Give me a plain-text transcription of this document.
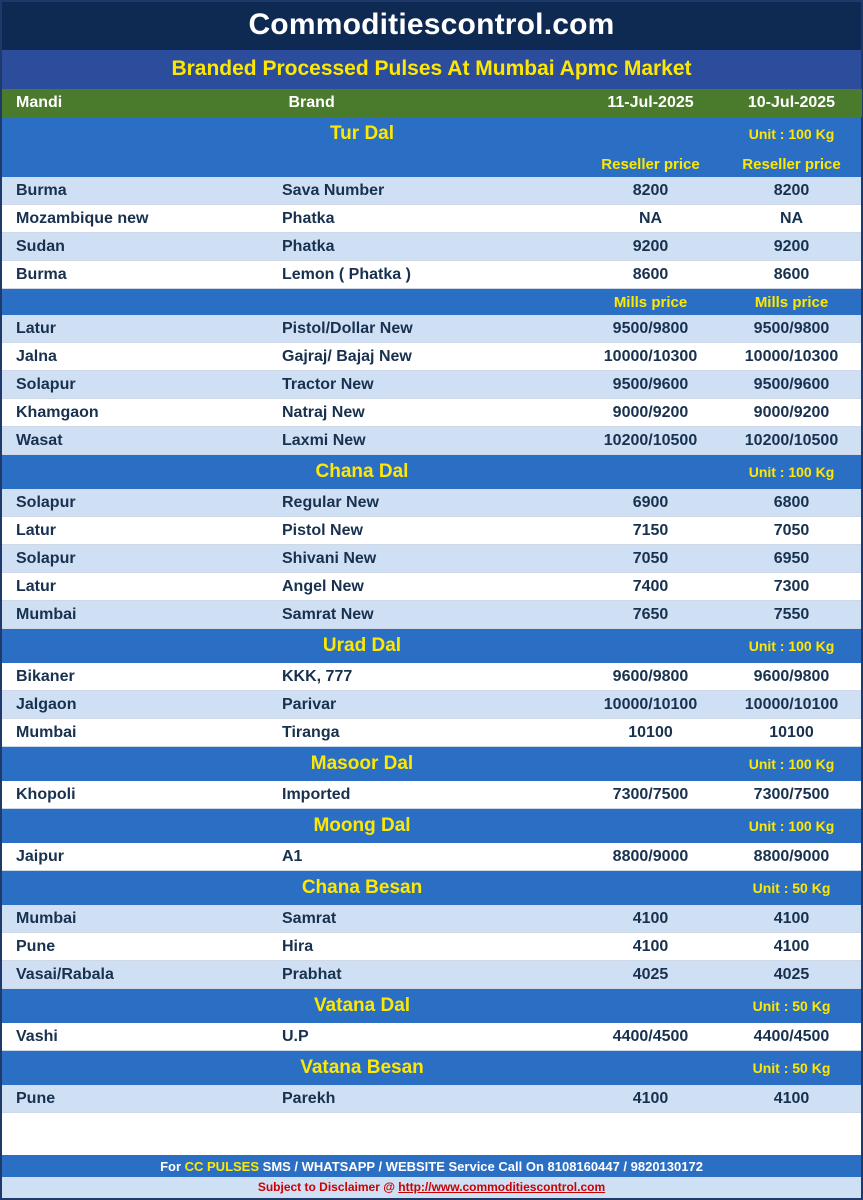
Commoditiescontrol.com
Branded Processed Pulses At Mumbai Apmc Market
Mandi	Brand	11-Jul-2025	10-Jul-2025
Tur Dal			Unit : 100 Kg
		Reseller price	Reseller price
Burma	Sava Number	8200	8200
Mozambique new	Phatka	NA	NA
Sudan	Phatka	9200	9200
Burma	Lemon ( Phatka )	8600	8600
		Mills price	Mills price
Latur	Pistol/Dollar New	9500/9800	9500/9800
Jalna	Gajraj/ Bajaj New	10000/10300	10000/10300
Solapur	Tractor New	9500/9600	9500/9600
Khamgaon	Natraj New	9000/9200	9000/9200
Wasat	Laxmi New	10200/10500	10200/10500
Chana Dal			Unit : 100 Kg
Solapur	Regular New	6900	6800
Latur	Pistol New	7150	7050
Solapur	Shivani New	7050	6950
Latur	Angel New	7400	7300
Mumbai	Samrat New	7650	7550
Urad Dal			Unit : 100 Kg
Bikaner	KKK, 777	9600/9800	9600/9800
Jalgaon	Parivar	10000/10100	10000/10100
Mumbai	Tiranga	10100	10100
Masoor Dal			Unit : 100 Kg
Khopoli	Imported	7300/7500	7300/7500
Moong Dal			Unit : 100 Kg
Jaipur	A1	8800/9000	8800/9000
Chana Besan			Unit : 50 Kg
Mumbai	Samrat	4100	4100
Pune	Hira	4100	4100
Vasai/Rabala	Prabhat	4025	4025
Vatana Dal			Unit : 50 Kg
Vashi	U.P	4400/4500	4400/4500
Vatana Besan			Unit : 50 Kg
Pune	Parekh	4100	4100
For CC PULSES SMS / WHATSAPP / WEBSITE Service Call On 8108160447 / 9820130172
Subject to Disclaimer @ http://www.commoditiescontrol.com
